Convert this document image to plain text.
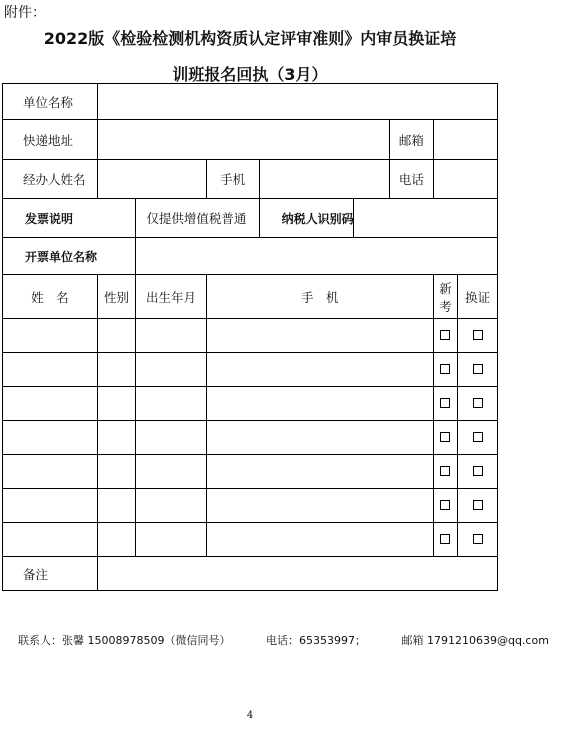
附件：
2022版《检验检测机构资质认定评审准则》内审员换证培
训班报名回执（3月）
单位名称								
快递地址						邮箱		
经办人姓名			手机			电话		
发票说明		仅提供增值税普通		纳税人识别码				
开票单位名称								
姓　名	性别	出生年月	手　机				新考	换证

备注								
联系人：张馨 15008978509（微信同号）	电话：65353997；	邮箱 1791210639@qq.com
4
